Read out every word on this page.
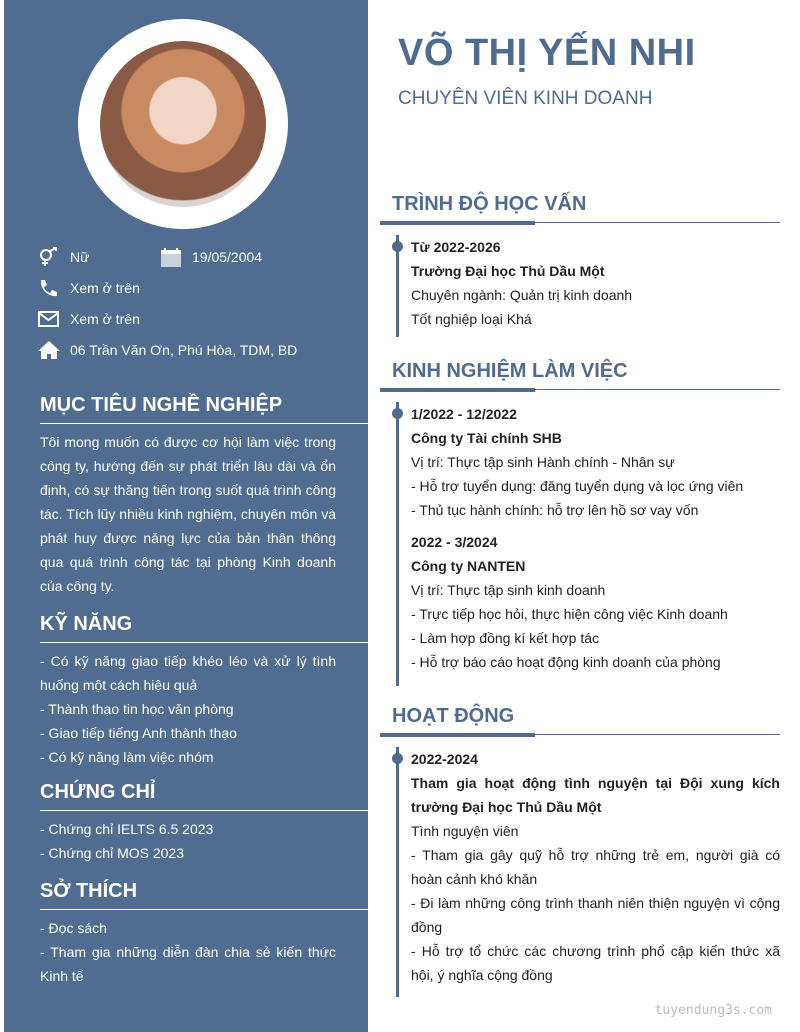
Nữ	19/05/2004
Xem ở trên
Xem ở trên
06 Trần Văn Ơn, Phú Hòa, TDM, BD
MỤC TIÊU NGHỀ NGHIỆP
Tôi mong muốn có được cơ hội làm việc trong công ty, hướng đến sự phát triển lâu dài và ổn định, có sự thăng tiến trong suốt quá trình công tác. Tích lũy nhiều kinh nghiệm, chuyên môn và phát huy được năng lực của bản thân thông qua quá trình công tác tại phòng Kinh doanh của công ty.
KỸ NĂNG
- Có kỹ năng giao tiếp khéo léo và xử lý tình huống một cách hiệu quả
- Thành thạo tin học văn phòng
- Giao tiếp tiếng Anh thành thạo
- Có kỹ năng làm việc nhóm
CHỨNG CHỈ
- Chứng chỉ IELTS 6.5 2023
- Chứng chỉ MOS 2023
SỞ THÍCH
- Đọc sách
- Tham gia những diễn đàn chia sẻ kiến thức Kinh tế
VÕ THỊ YẾN NHI
CHUYÊN VIÊN KINH DOANH
TRÌNH ĐỘ HỌC VẤN
Từ 2022-2026
Trường Đại học Thủ Dầu Một
Chuyên ngành: Quản trị kinh doanh
Tốt nghiệp loại Khá
KINH NGHIỆM LÀM VIỆC
1/2022 - 12/2022
Công ty Tài chính SHB
Vị trí: Thực tập sinh Hành chính - Nhân sự
- Hỗ trợ tuyển dụng: đăng tuyển dụng và lọc ứng viên
- Thủ tục hành chính: hỗ trợ lên hồ sơ vay vốn
2022 - 3/2024
Công ty NANTEN
Vị trí: Thực tập sinh kinh doanh
- Trực tiếp học hỏi, thực hiện công việc Kinh doanh
- Làm hợp đồng kí kết hợp tác
- Hỗ trợ báo cáo hoạt động kinh doanh của phòng
HOẠT ĐỘNG
2022-2024
Tham gia hoạt động tình nguyện tại Đội xung kích trường Đại học Thủ Dầu Một
Tình nguyện viên
- Tham gia gây quỹ hỗ trợ những trẻ em, người già có hoàn cảnh khó khăn
- Đi làm những công trình thanh niên thiện nguyện vì cộng đồng
- Hỗ trợ tổ chức các chương trình phổ cập kiến thức xã hội, ý nghĩa cộng đồng
tuyendung3s.com
